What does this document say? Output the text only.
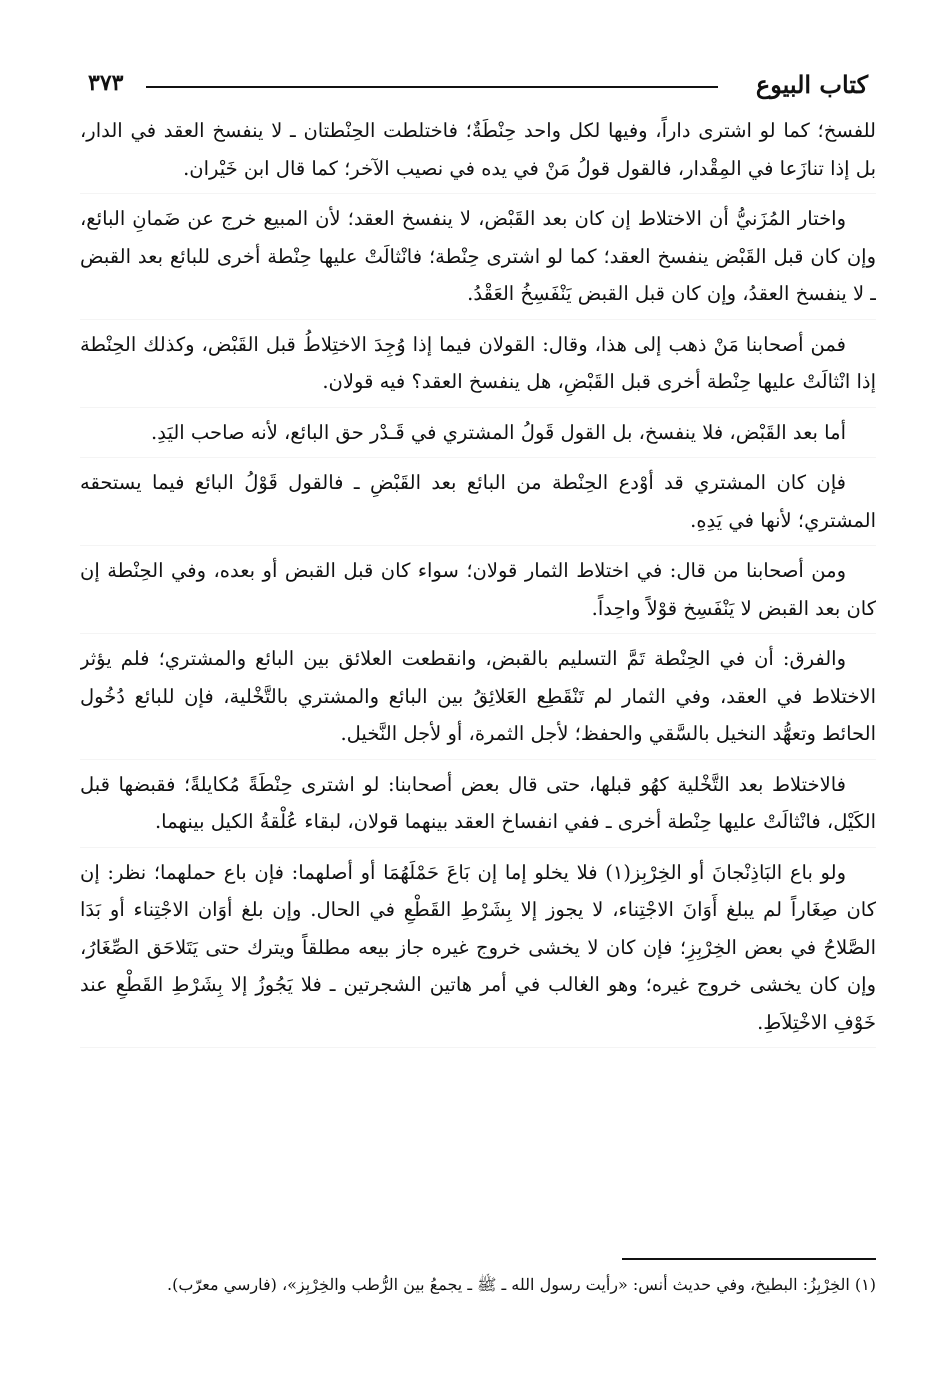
كتاب البيوع
٣٧٣

للفسخ؛ كما لو اشترى داراً، وفيها لكل واحد حِنْطَةٌ؛ فاختلطت الحِنْطتان ـ لا ينفسخ العقد في الدار، بل إذا تنازَعا في المِقْدار، فالقول قولُ مَنْ في يده في نصيب الآخر؛ كما قال ابن خَيْران.

واختار المُزَنيُّ أن الاختلاط إن كان بعد القَبْض، لا ينفسخ العقد؛ لأن المبيع خرج عن ضَمانِ البائع، وإن كان قبل القَبْض ينفسخ العقد؛ كما لو اشترى حِنْطة؛ فانْثالَتْ عليها حِنْطة أخرى للبائع بعد القبض ـ لا ينفسخ العقدُ، وإن كان قبل القبض يَنْفَسِخُ العَقْدُ.

فمن أصحابنا مَنْ ذهب إلى هذا، وقال: القولان فيما إذا وُجِدَ الاختِلاطُ قبل القَبْض، وكذلك الحِنْطة إذا انْثالَتْ عليها حِنْطة أخرى قبل القَبْضِ، هل ينفسخ العقد؟ فيه قولان.

أما بعد القَبْض، فلا ينفسخ، بل القول قَولُ المشتري في قَـدْر حق البائع، لأنه صاحب اليَدِ.

فإن كان المشتري قد أوْدع الحِنْطة من البائع بعد القَبْضِ ـ فالقول قَوْلُ البائع فيما يستحقه المشتري؛ لأنها في يَدِهِ.

ومن أصحابنا من قال: في اختلاط الثمار قولان؛ سواء كان قبل القبض أو بعده، وفي الحِنْطة إن كان بعد القبض لا يَنْفَسِخ قوْلاً واحِداً.

والفرق: أن في الحِنْطة تَمَّ التسليم بالقبض، وانقطعت العلائق بين البائع والمشتري؛ فلم يؤثر الاختلاط في العقد، وفي الثمار لم تَنْقَطِع العَلائِقُ بين البائع والمشتري بالتَّخْلية، فإن للبائع دُخُول الحائط وتعهُّد النخيل بالسَّقي والحفظ؛ لأجل الثمرة، أو لأجل النَّخيل.

فالاختلاط بعد التَّخْلية كهُو قبلها، حتى قال بعض أصحابنا: لو اشترى حِنْطَةً مُكايلةً؛ فقبضها قبل الكَيْل، فانْثالَتْ عليها حِنْطة أخرى ـ ففي انفساخ العقد بينهما قولان، لبقاء عُلْقةُ الكيل بينهما.

ولو باع البَاذِنْجانَ أو الخِرْبِز(١) فلا يخلو إما إن بَاعَ حَمْلَهُمَا أو أصلهما: فإن باع حملهما؛ نظر: إن كان صِغَاراً لم يبلغ أَوَانَ الاجْتِناء، لا يجوز إلا بِشَرْطِ القَطْعِ في الحال. وإن بلغ أوَان الاجْتِناء أو بَدَا الصَّلاحُ في بعض الخِرْبِزِ؛ فإن كان لا يخشى خروج غيره جاز بيعه مطلقاً ويترك حتى يَتَلاحَق الصِّغَارُ، وإن كان يخشى خروج غيره؛ وهو الغالب في أمر هاتين الشجرتين ـ فلا يَجُوزُ إلا بِشَرْطِ القَطْعِ عند خَوْفِ الاخْتِلاَطِ.

(١) الخِرْبِزُ: البطيخ، وفي حديث أنس: «رأيت رسول الله ـ ﷺ ـ يجمعُ بين الرُّطب والخِرْبِز»، (فارسي معرّب).
